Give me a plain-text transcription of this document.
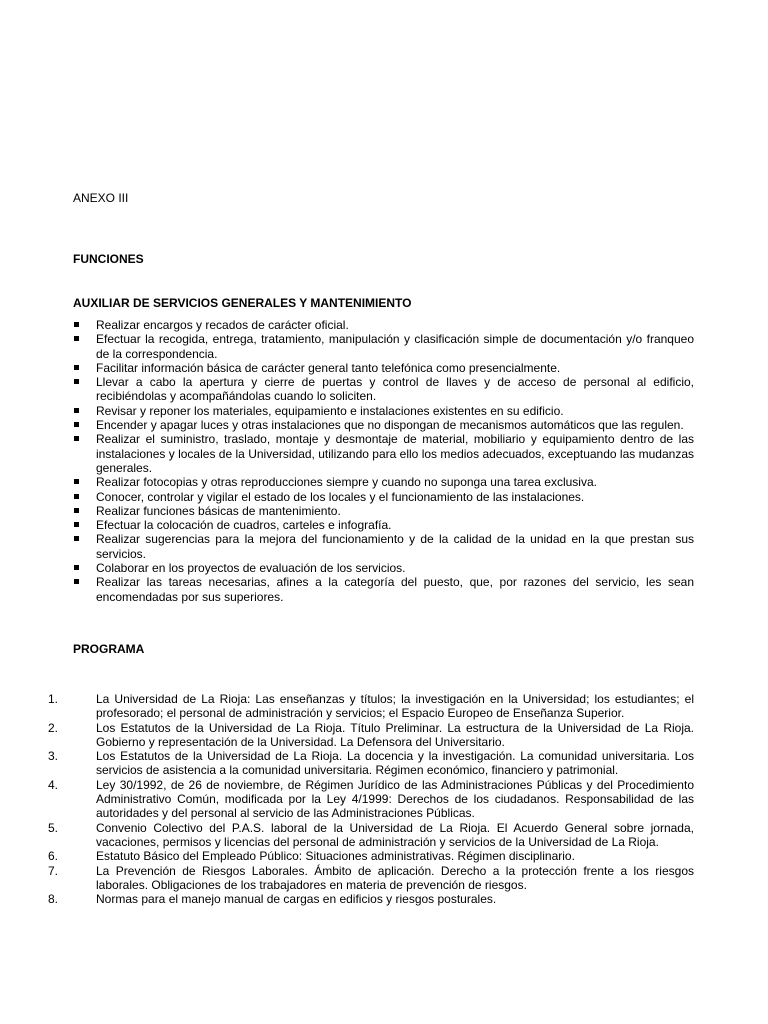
ANEXO III
FUNCIONES
AUXILIAR DE SERVICIOS GENERALES Y MANTENIMIENTO
Realizar encargos y recados de carácter oficial.
Efectuar la recogida, entrega, tratamiento, manipulación y clasificación simple de documentación y/o franqueo de la correspondencia.
Facilitar información básica de carácter general tanto telefónica como presencialmente.
Llevar a cabo la apertura y cierre de puertas y control de llaves y de acceso de personal al edificio, recibiéndolas y acompañándolas cuando lo soliciten.
Revisar y reponer los materiales, equipamiento e instalaciones existentes en su edificio.
Encender y apagar luces y otras instalaciones que no dispongan de mecanismos automáticos que las regulen.
Realizar el suministro, traslado, montaje y desmontaje de material, mobiliario y equipamiento dentro de las instalaciones y locales de la Universidad, utilizando para ello los medios adecuados, exceptuando las mudanzas generales.
Realizar fotocopias y otras reproducciones siempre y cuando no suponga una tarea exclusiva.
Conocer, controlar y vigilar el estado de los locales y el funcionamiento de las instalaciones.
Realizar funciones básicas de mantenimiento.
Efectuar la colocación de cuadros, carteles e infografía.
Realizar sugerencias para la mejora del funcionamiento y de la calidad de la unidad en la que prestan sus servicios.
Colaborar en los proyectos de evaluación de los servicios.
Realizar las tareas necesarias, afines a la categoría del puesto, que, por razones del servicio, les sean encomendadas por sus superiores.
PROGRAMA
1.	La Universidad de La Rioja: Las enseñanzas y títulos; la investigación en la Universidad; los estudiantes; el profesorado; el personal de administración y servicios; el Espacio Europeo de Enseñanza Superior.
2.	Los Estatutos de la Universidad de La Rioja. Título Preliminar. La estructura de la Universidad de La Rioja. Gobierno y representación de la Universidad. La Defensora del Universitario.
3.	Los Estatutos de la Universidad de La Rioja. La docencia y la investigación. La comunidad universitaria. Los servicios de asistencia a la comunidad universitaria. Régimen económico, financiero y patrimonial.
4.	Ley 30/1992, de 26 de noviembre, de Régimen Jurídico de las Administraciones Públicas y del Procedimiento Administrativo Común, modificada por la Ley 4/1999: Derechos de los ciudadanos. Responsabilidad de las autoridades y del personal al servicio de las Administraciones Públicas.
5.	Convenio Colectivo del P.A.S. laboral de la Universidad de La Rioja. El Acuerdo General sobre jornada, vacaciones, permisos y licencias del personal de administración y servicios de la Universidad de La Rioja.
6.	Estatuto Básico del Empleado Público: Situaciones administrativas. Régimen disciplinario.
7.	La Prevención de Riesgos Laborales. Ámbito de aplicación. Derecho a la protección frente a los riesgos laborales. Obligaciones de los trabajadores en materia de prevención de riesgos.
8.	Normas para el manejo manual de cargas en edificios y riesgos posturales.
